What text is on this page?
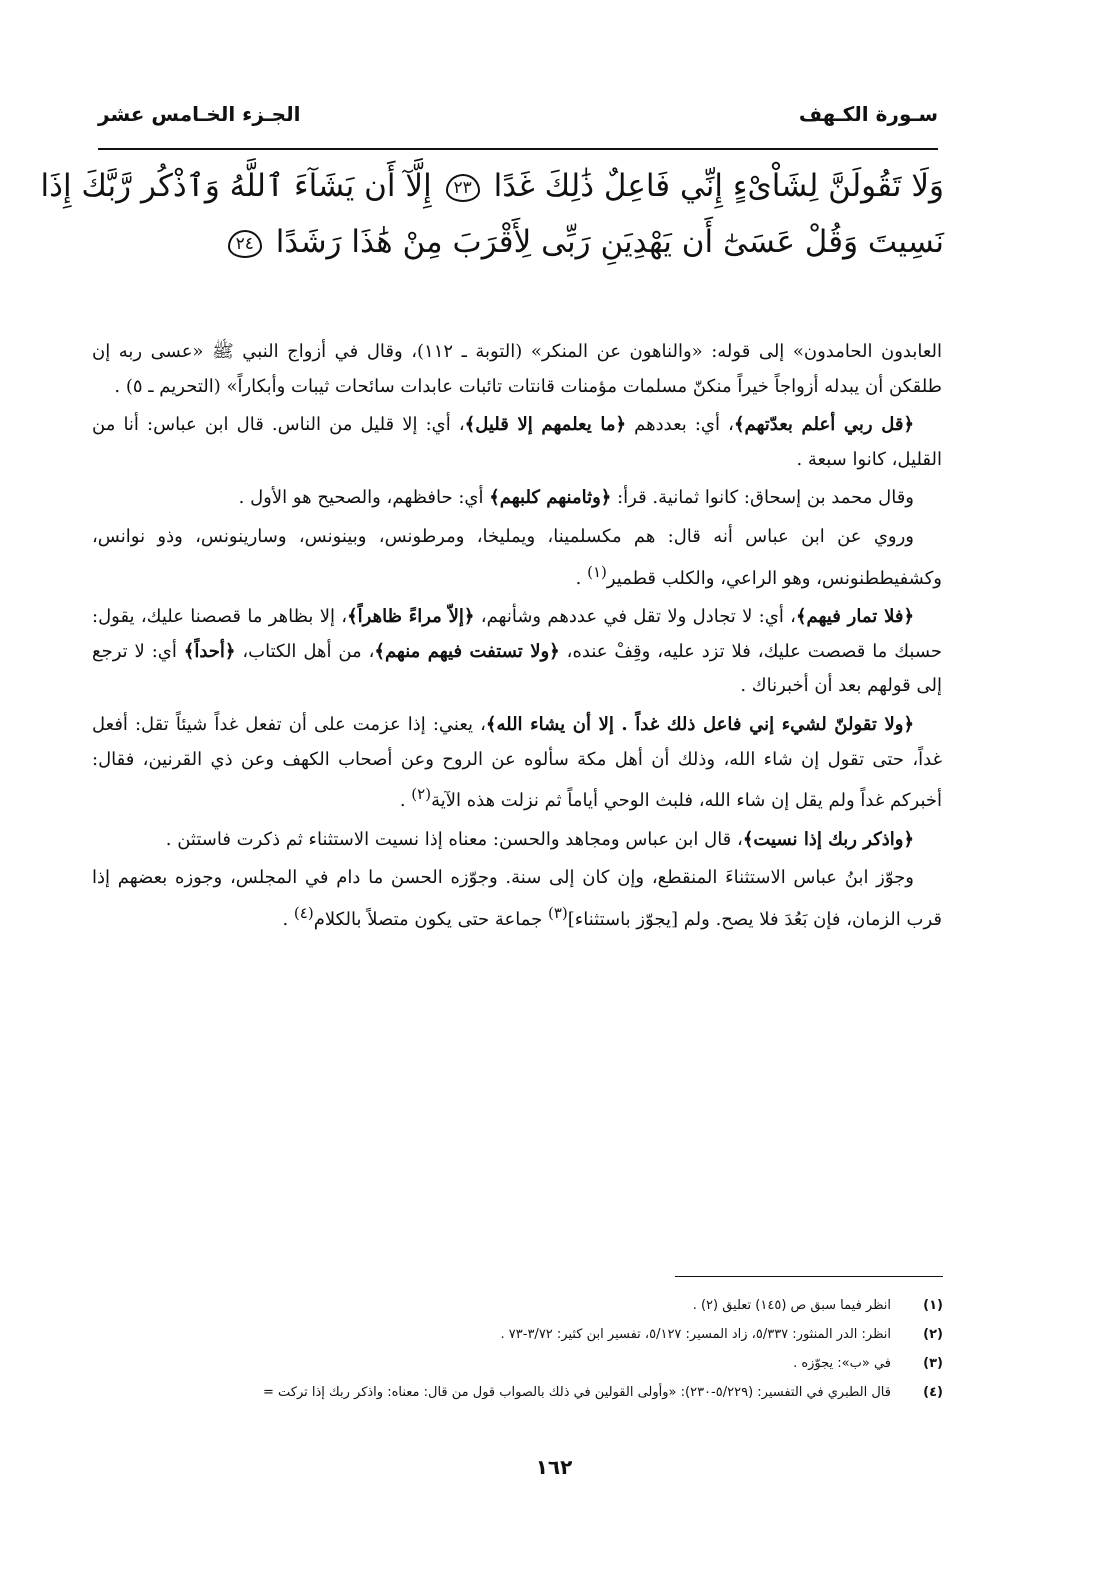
سـورة الكـهف
الجـزء الخـامس عشر
وَلَا تَقُولَنَّ لِشَاْىْءٍ إِنِّي فَاعِلٌ ذَٰلِكَ غَدًا ٢٣ إِلَّآ أَن يَشَآءَ ٱللَّهُ وَٱذْكُر رَّبَّكَ إِذَا
نَسِيتَ وَقُلْ عَسَىٰٓ أَن يَهْدِيَنِ رَبِّى لِأَقْرَبَ مِنْ هَٰذَا رَشَدًا ٢٤

العابدون الحامدون» إلى قوله: «والناهون عن المنكر» (التوبة ـ ١١٢)، وقال في أزواج النبي ﷺ «عسى ربه إن طلقكن أن يبدله أزواجاً خيراً منكنّ مسلمات مؤمنات قانتات تائبات عابدات سائحات ثيبات وأبكاراً» (التحريم ـ ٥) .

﴿قل ربي أعلم بعدّتهم﴾، أي: بعددهم ﴿ما يعلمهم إلا قليل﴾، أي: إلا قليل من الناس. قال ابن عباس: أنا من القليل، كانوا سبعة .

وقال محمد بن إسحاق: كانوا ثمانية. قرأ: ﴿وثامنهم كلبهم﴾ أي: حافظهم، والصحيح هو الأول .

وروي عن ابن عباس أنه قال: هم مكسلمينا، ويمليخا، ومرطونس، وبينونس، وسارينونس، وذو نوانس، وكشفيططنونس، وهو الراعي، والكلب قطمير$^{(١)}$ .

﴿فلا تمار فيهم﴾، أي: لا تجادل ولا تقل في عددهم وشأنهم، ﴿إلاّ مراءً ظاهراً﴾، إلا بظاهر ما قصصنا عليك، يقول: حسبك ما قصصت عليك، فلا تزد عليه، وقِفْ عنده، ﴿ولا تستفت فيهم منهم﴾، من أهل الكتاب، ﴿أحداً﴾ أي: لا ترجع إلى قولهم بعد أن أخبرناك .

﴿ولا تقولنّ لشيء إني فاعل ذلك غداً . إلا أن يشاء الله﴾، يعني: إذا عزمت على أن تفعل غداً شيئاً تقل: أفعل غداً، حتى تقول إن شاء الله، وذلك أن أهل مكة سألوه عن الروح وعن أصحاب الكهف وعن ذي القرنين، فقال: أخبركم غداً ولم يقل إن شاء الله، فلبث الوحي أياماً ثم نزلت هذه الآية$^{(٢)}$ .

﴿واذكر ربك إذا نسيت﴾، قال ابن عباس ومجاهد والحسن: معناه إذا نسيت الاستثناء ثم ذكرت فاستثن .

وجوّز ابنُ عباس الاستثناءَ المنقطع، وإن كان إلى سنة. وجوّزه الحسن ما دام في المجلس، وجوزه بعضهم إذا قرب الزمان، فإن بَعُدَ فلا يصح. ولم [يجوّز باستثناء]$^{(٣)}$ جماعة حتى يكون متصلاً بالكلام$^{(٤)}$ .

(١)
انظر فيما سبق ص (١٤٥) تعليق (٢) .
(٢)
انظر: الدر المنثور: ٥/٣٣٧، زاد المسير: ٥/١٢٧، تفسير ابن كثير: ٣/٧٢-٧٣ .
(٣)
في «ب»: يجوّزه .
(٤)
قال الطبري في التفسير: (٥/٢٢٩-٢٣٠): «وأولى القولين في ذلك بالصواب قول من قال: معناه: واذكر ربك إذا تركت =
١٦٢
